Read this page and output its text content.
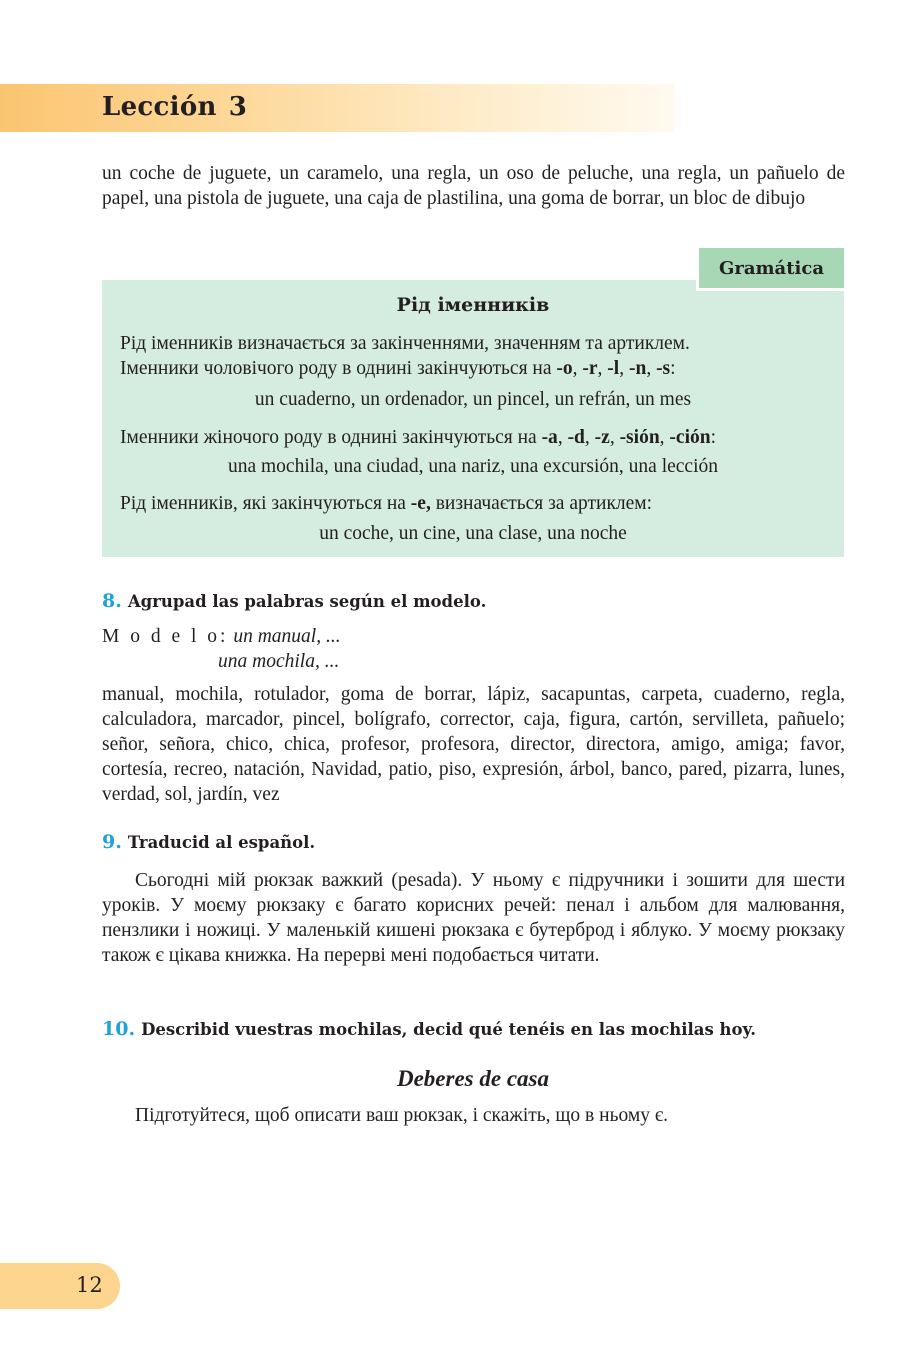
Lección 3

un coche de juguete, un caramelo, una regla, un oso de peluche, una regla, un pañuelo de papel, una pistola de juguete, una caja de plastilina, una goma de borrar, un bloc de dibujo

Gramática
Рід іменників
Рід іменників визначається за закінченнями, значенням та артиклем.
Іменники чоловічого роду в однині закінчуються на -o, -r, -l, -n, -s:
un cuaderno, un ordenador, un pincel, un refrán, un mes
Іменники жіночого роду в однині закінчуються на -a, -d, -z, -sión, -ción:
una mochila, una ciudad, una nariz, una excursión, una lección
Рід іменників, які закінчуються на -e, визначається за артиклем:
un coche, un cine, una clase, una noche
8. Agrupad las palabras según el modelo.
M o d e l o: un manual, ...
una mochila, ...

manual, mochila, rotulador, goma de borrar, lápiz, sacapuntas, carpeta, cuaderno, regla, calculadora, marcador, pincel, bolígrafo, corrector, caja, figura, cartón, servilleta, pañuelo; señor, señora, chico, chica, profesor, profesora, director, directora, amigo, amiga; favor, cortesía, recreo, natación, Navidad, patio, piso, expresión, árbol, banco, pared, pizarra, lunes, verdad, sol, jardín, vez

9. Traducid al español.

Сьогодні мій рюкзак важкий (pesada). У ньому є підручники і зошити для шести уроків. У моєму рюкзаку є багато корисних речей: пенал і альбом для малювання, пензлики і ножиці. У маленькій кишені рюкзака є бутерброд і яблуко. У моєму рюкзаку також є цікава книжка. На перерві мені подобається читати.

10. Describid vuestras mochilas, decid qué tenéis en las mochilas hoy.
Deberes de casa
Підготуйтеся, щоб описати ваш рюкзак, і скажіть, що в ньому є.
12
